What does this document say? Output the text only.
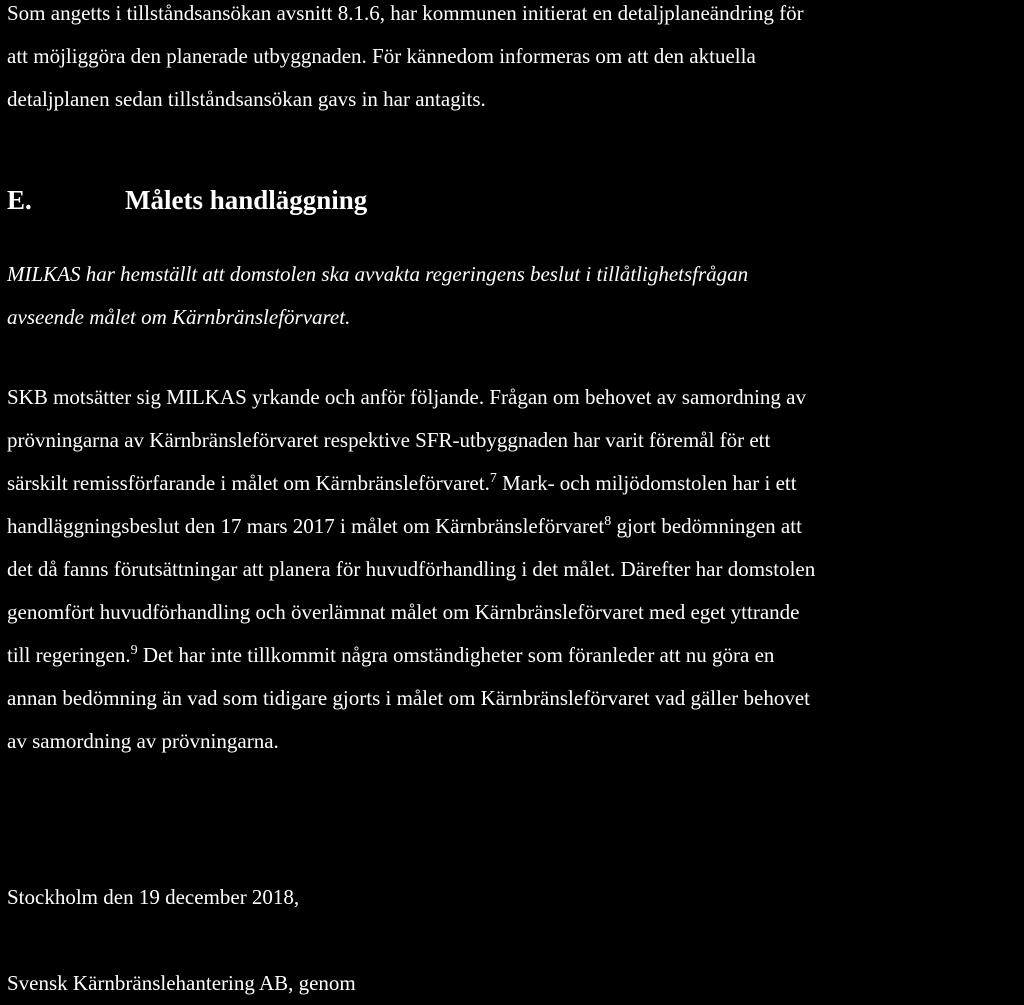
Som angetts i tillståndsansökan avsnitt 8.1.6, har kommunen initierat en detaljplaneändring för
att möjliggöra den planerade utbyggnaden. För kännedom informeras om att den aktuella
detaljplanen sedan tillståndsansökan gavs in har antagits.

E.	Målets handläggning

MILKAS har hemställt att domstolen ska avvakta regeringens beslut i tillåtlighetsfrågan
avseende målet om Kärnbränsleförvaret.

SKB motsätter sig MILKAS yrkande och anför följande. Frågan om behovet av samordning av
prövningarna av Kärnbränsleförvaret respektive SFR-utbyggnaden har varit föremål för ett
särskilt remissförfarande i målet om Kärnbränsleförvaret.$^7$ Mark- och miljödomstolen har i ett
handläggningsbeslut den 17 mars 2017 i målet om Kärnbränsleförvaret$^8$ gjort bedömningen att
det då fanns förutsättningar att planera för huvudförhandling i det målet. Därefter har domstolen
genomfört huvudförhandling och överlämnat målet om Kärnbränsleförvaret med eget yttrande
till regeringen.$^9$ Det har inte tillkommit några omständigheter som föranleder att nu göra en
annan bedömning än vad som tidigare gjorts i målet om Kärnbränsleförvaret vad gäller behovet
av samordning av prövningarna.

Stockholm den 19 december 2018,

Svensk Kärnbränslehantering AB, genom
